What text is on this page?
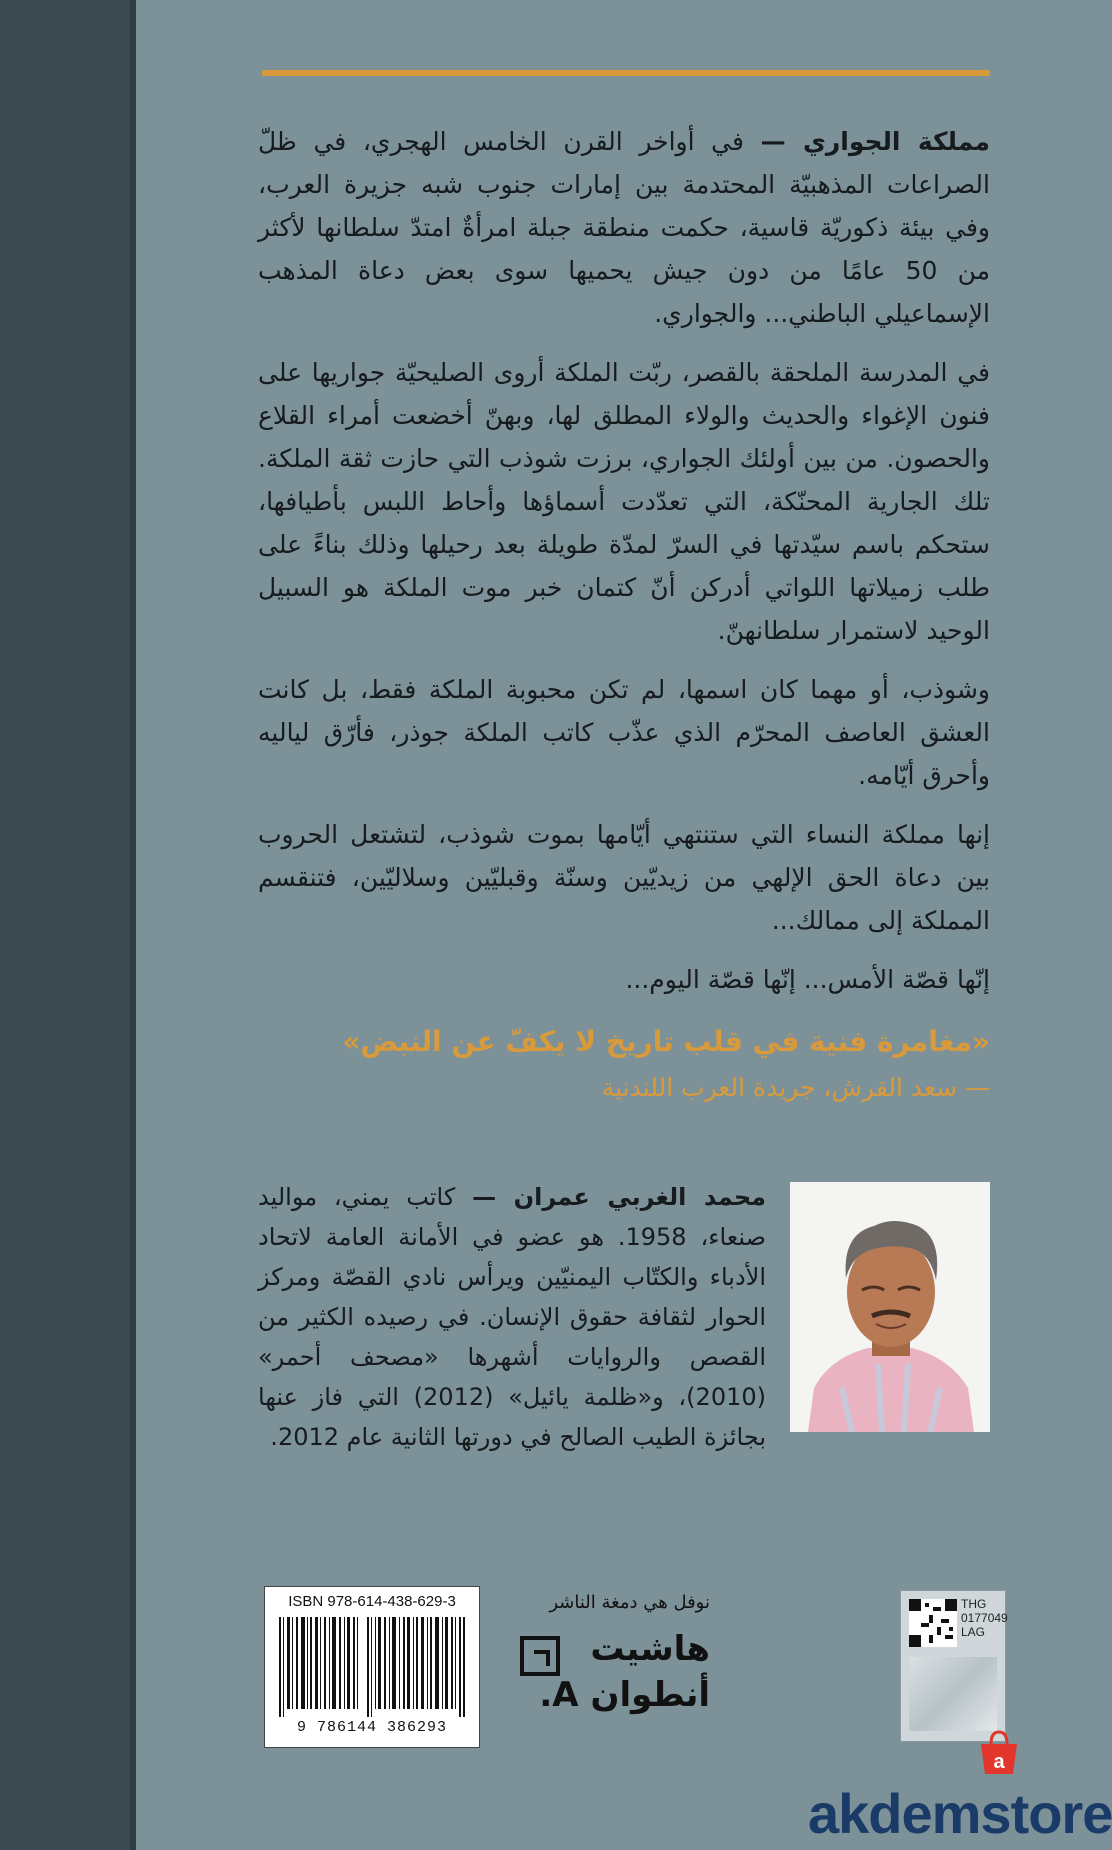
مملكة الجواري — في أواخر القرن الخامس الهجري، في ظلّ الصراعات المذهبيّة المحتدمة بين إمارات جنوب شبه جزيرة العرب، وفي بيئة ذكوريّة قاسية، حكمت منطقة جبلة امرأةٌ امتدّ سلطانها لأكثر من 50 عامًا من دون جيش يحميها سوى بعض دعاة المذهب الإسماعيلي الباطني... والجواري.

في المدرسة الملحقة بالقصر، ربّت الملكة أروى الصليحيّة جواريها على فنون الإغواء والحديث والولاء المطلق لها، وبهنّ أخضعت أمراء القلاع والحصون. من بين أولئك الجواري، برزت شوذب التي حازت ثقة الملكة. تلك الجارية المحنّكة، التي تعدّدت أسماؤها وأحاط اللبس بأطيافها، ستحكم باسم سيّدتها في السرّ لمدّة طويلة بعد رحيلها وذلك بناءً على طلب زميلاتها اللواتي أدركن أنّ كتمان خبر موت الملكة هو السبيل الوحيد لاستمرار سلطانهنّ.

وشوذب، أو مهما كان اسمها، لم تكن محبوبة الملكة فقط، بل كانت العشق العاصف المحرّم الذي عذّب كاتب الملكة جوذر، فأرّق لياليه وأحرق أيّامه.

إنها مملكة النساء التي ستنتهي أيّامها بموت شوذب، لتشتعل الحروب بين دعاة الحق الإلهي من زيديّين وسنّة وقبليّين وسلاليّين، فتنقسم المملكة إلى ممالك...

إنّها قصّة الأمس... إنّها قصّة اليوم...

«مغامرة فنية في قلب تاريخ لا يكفّ عن النبض»
— سعد القرش، جريدة العرب اللندنية
محمد الغربي عمران — كاتب يمني، مواليد صنعاء، 1958. هو عضو في الأمانة العامة لاتحاد الأدباء والكتّاب اليمنيّين ويرأس نادي القصّة ومركز الحوار لثقافة حقوق الإنسان. في رصيده الكثير من القصص والروايات أشهرها «مصحف أحمر» (2010)، و«ظلمة يائيل» (2012) التي فاز عنها بجائزة الطيب الصالح في دورتها الثانية عام 2012.
ISBN 978-614-438-629-3
9 786144 386293
نوفل هي دمغة الناشر
هاشيت
أنطوان A.
THG
0177049
LAG
a
akdemstore
